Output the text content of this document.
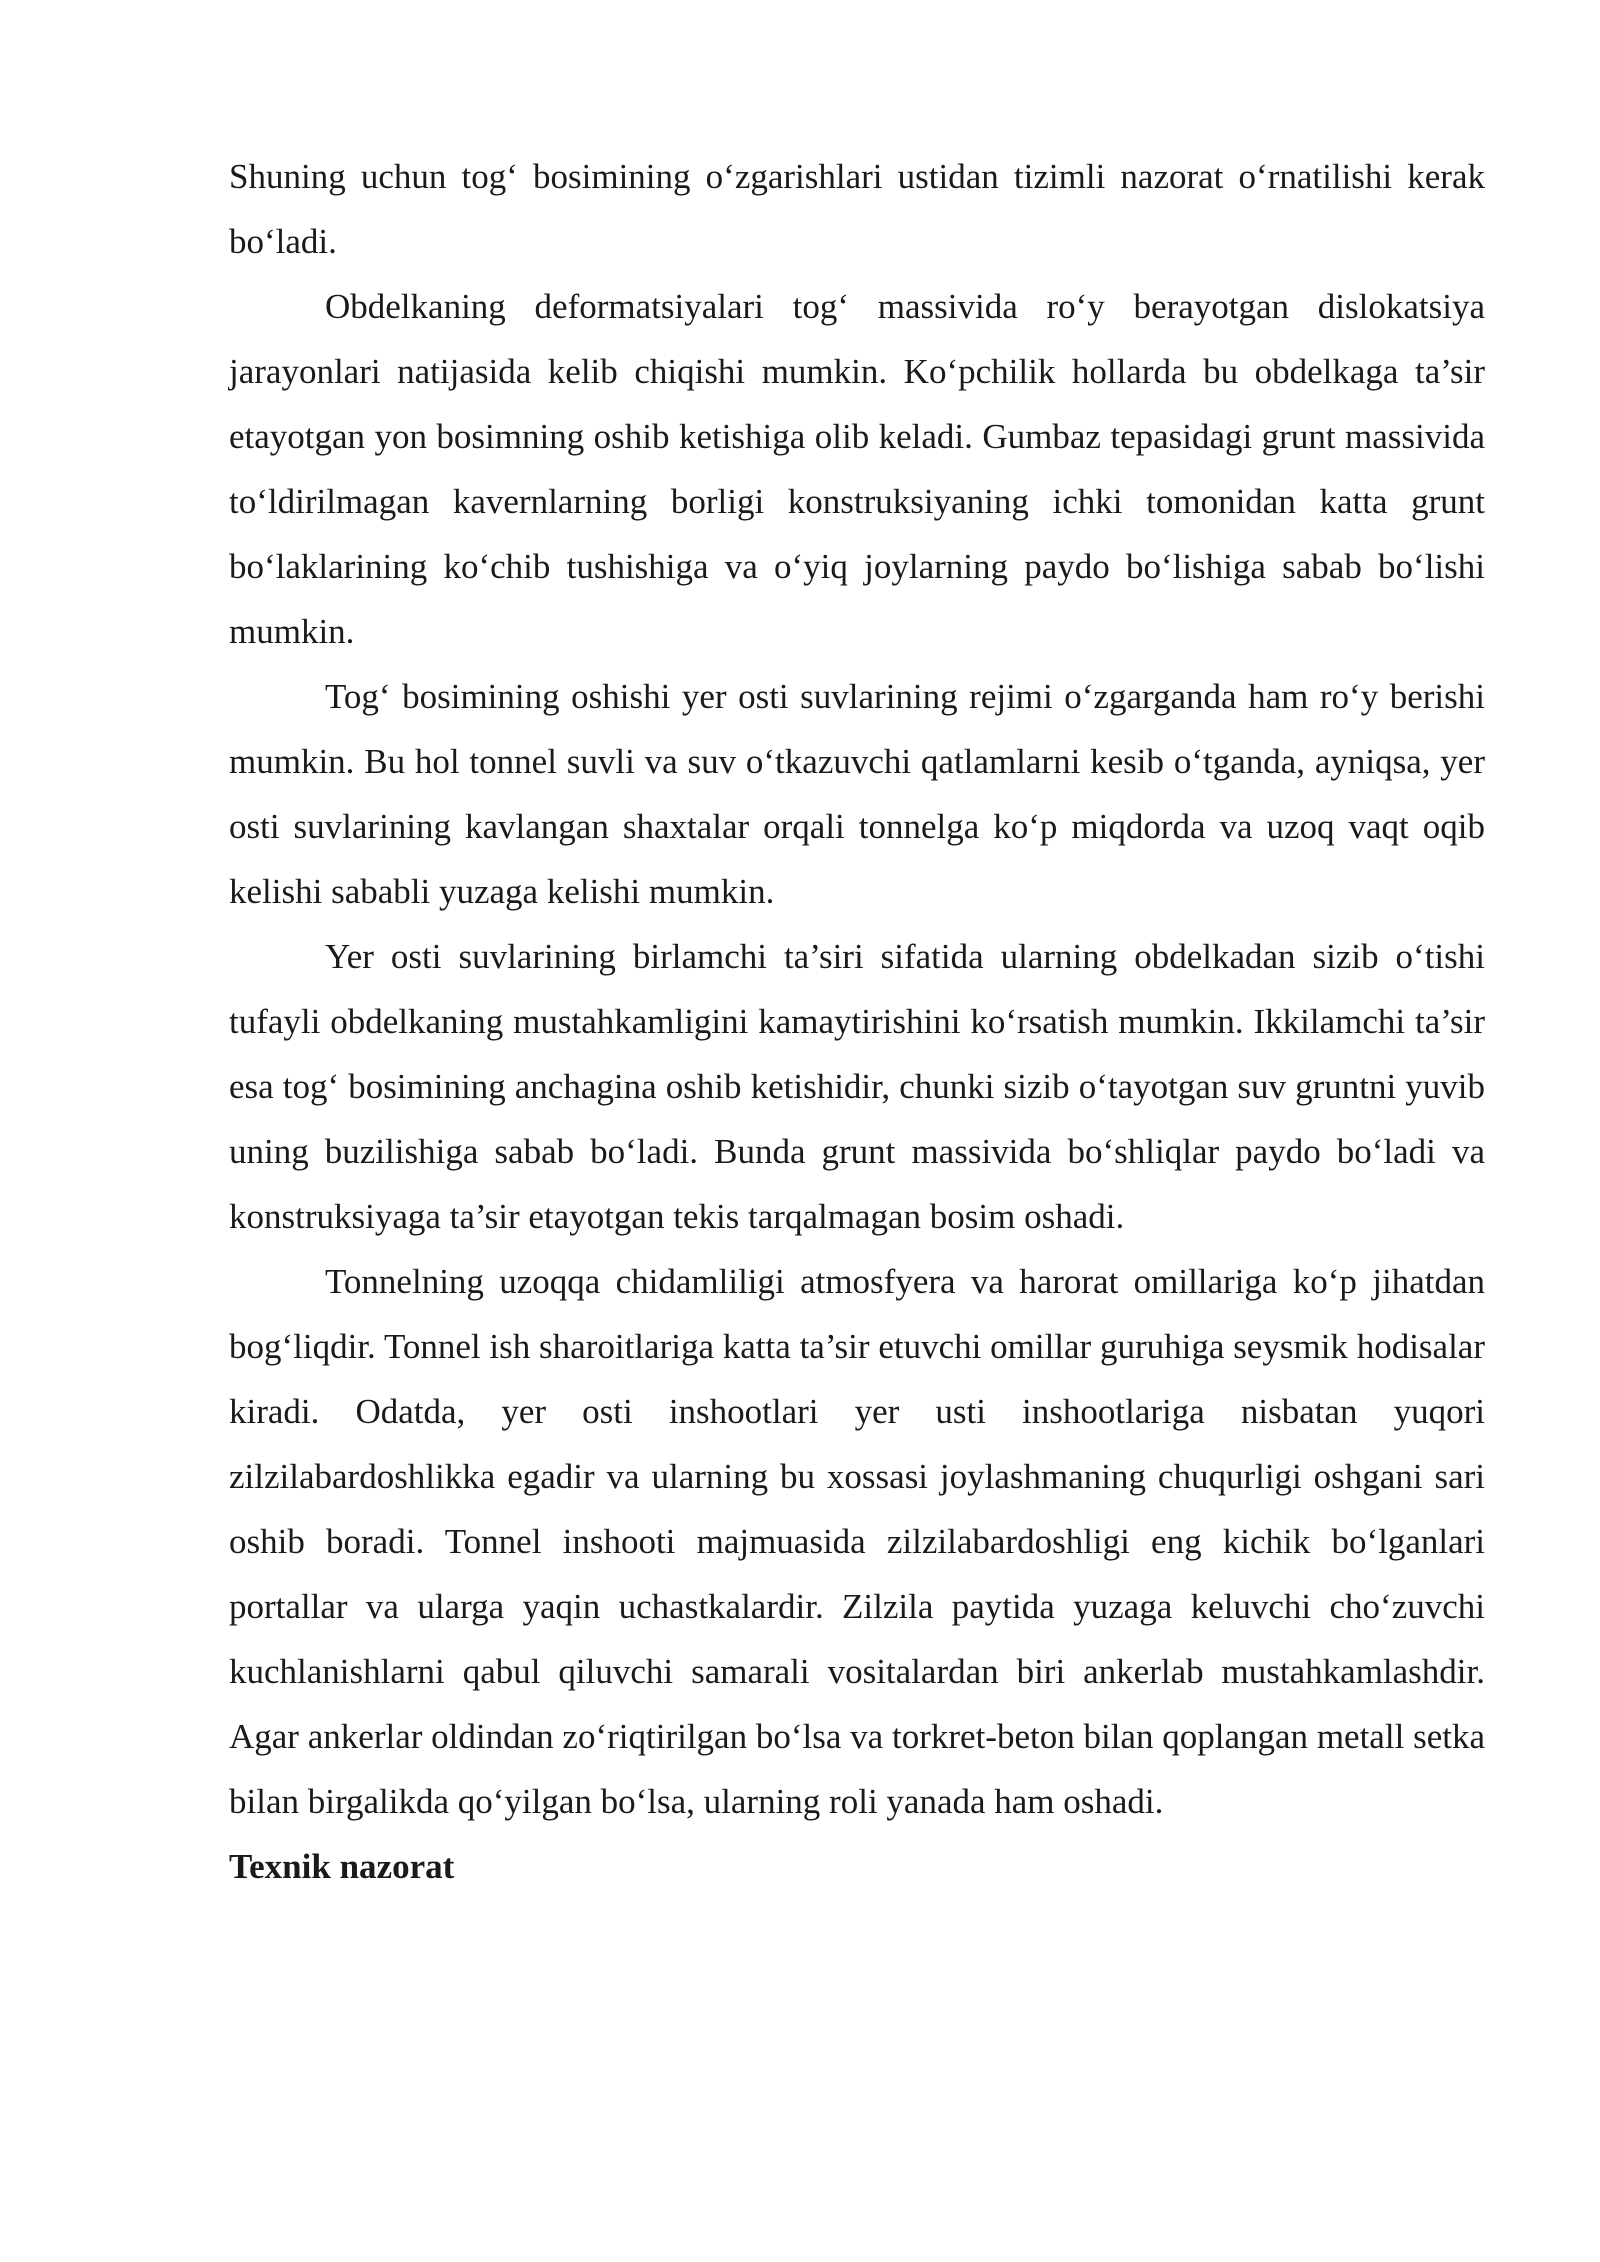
Shuning uchun tog‘ bosimining o‘zgarishlari ustidan tizimli nazorat o‘rnatilishi kerak bo‘ladi.

Obdelkaning deformatsiyalari tog‘ massivida ro‘y berayotgan dislokatsiya jarayonlari natijasida kelib chiqishi mumkin. Ko‘pchilik hollarda bu obdelkaga ta’sir etayotgan yon bosimning oshib ketishiga olib keladi. Gumbaz tepasidagi grunt massivida to‘ldirilmagan kavernlarning borligi konstruksiyaning ichki tomonidan katta grunt bo‘laklarining ko‘chib tushishiga va o‘yiq joylarning paydo bo‘lishiga sabab bo‘lishi mumkin.

Tog‘ bosimining oshishi yer osti suvlarining rejimi o‘zgarganda ham ro‘y berishi mumkin. Bu hol tonnel suvli va suv o‘tkazuvchi qatlamlarni kesib o‘tganda, ayniqsa, yer osti suvlarining kavlangan shaxtalar orqali tonnelga ko‘p miqdorda va uzoq vaqt oqib kelishi sababli yuzaga kelishi mumkin.

Yer osti suvlarining birlamchi ta’siri sifatida ularning obdelkadan sizib o‘tishi tufayli obdelkaning mustahkamligini kamaytirishini ko‘rsatish mumkin. Ikkilamchi ta’sir esa tog‘ bosimining anchagina oshib ketishidir, chunki sizib o‘tayotgan suv gruntni yuvib uning buzilishiga sabab bo‘ladi. Bunda grunt massivida bo‘shliqlar paydo bo‘ladi va konstruksiyaga ta’sir etayotgan tekis tarqalmagan bosim oshadi.

Tonnelning uzoqqa chidamliligi atmosfyera va harorat omillariga ko‘p jihatdan bog‘liqdir. Tonnel ish sharoitlariga katta ta’sir etuvchi omillar guruhiga seysmik hodisalar kiradi. Odatda, yer osti inshootlari yer usti inshootlariga nisbatan yuqori zilzilabardoshlikka egadir va ularning bu xossasi joylashmaning chuqurligi oshgani sari oshib boradi. Tonnel inshooti majmuasida zilzilabardoshligi eng kichik bo‘lganlari portallar va ularga yaqin uchastkalardir. Zilzila paytida yuzaga keluvchi cho‘zuvchi kuchlanishlarni qabul qiluvchi samarali vositalardan biri ankerlab mustahkamlashdir. Agar ankerlar oldindan zo‘riqtirilgan bo‘lsa va torkret-beton bilan qoplangan metall setka bilan birgalikda qo‘yilgan bo‘lsa, ularning roli yanada ham oshadi.

Texnik nazorat
